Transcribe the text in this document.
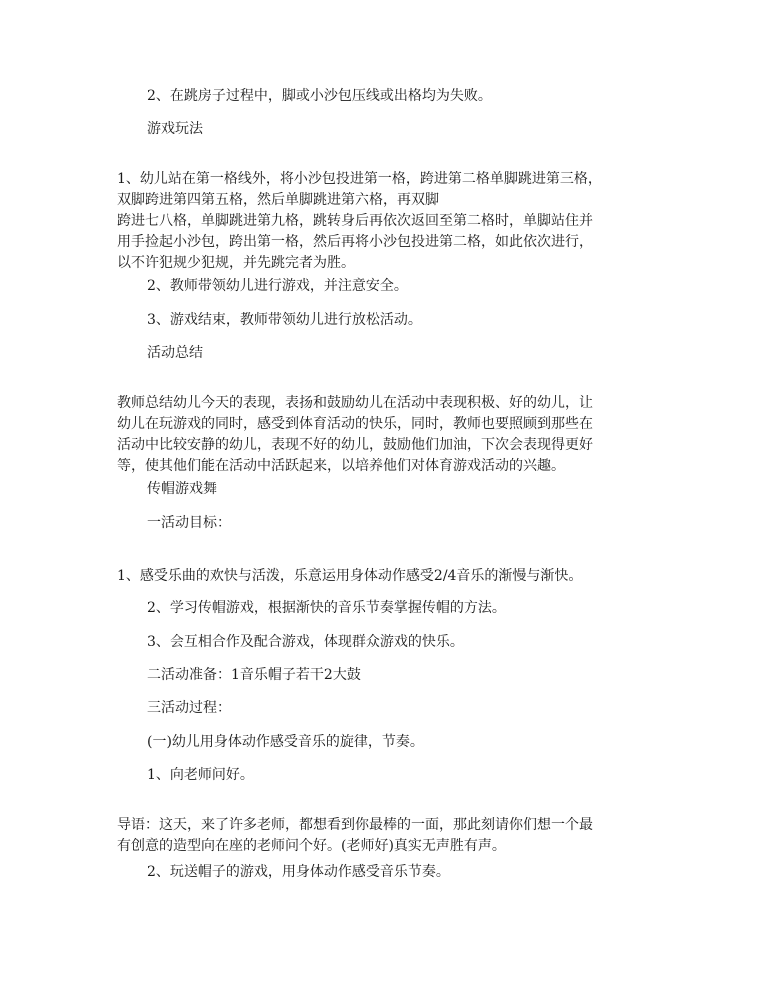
2、在跳房子过程中，脚或小沙包压线或出格均为失败。

游戏玩法

1、幼儿站在第一格线外，将小沙包投进第一格，跨进第二格单脚跳进第三格，
双脚跨进第四第五格，然后单脚跳进第六格，再双脚
跨进七八格，单脚跳进第九格，跳转身后再依次返回至第二格时，单脚站住并
用手捡起小沙包，跨出第一格，然后再将小沙包投进第二格，如此依次进行，
以不许犯规少犯规，并先跳完者为胜。

2、教师带领幼儿进行游戏，并注意安全。

3、游戏结束，教师带领幼儿进行放松活动。

活动总结

教师总结幼儿今天的表现，表扬和鼓励幼儿在活动中表现积极、好的幼儿，让
幼儿在玩游戏的同时，感受到体育活动的快乐，同时，教师也要照顾到那些在
活动中比较安静的幼儿，表现不好的幼儿，鼓励他们加油，下次会表现得更好
等，使其他们能在活动中活跃起来，以培养他们对体育游戏活动的兴趣。

传帽游戏舞

一活动目标：

1、感受乐曲的欢快与活泼，乐意运用身体动作感受2/4音乐的渐慢与渐快。

2、学习传帽游戏，根据渐快的音乐节奏掌握传帽的方法。

3、会互相合作及配合游戏，体现群众游戏的快乐。

二活动准备：1音乐帽子若干2大鼓

三活动过程：

(一)幼儿用身体动作感受音乐的旋律，节奏。

1、向老师问好。

导语：这天，来了许多老师，都想看到你最棒的一面，那此刻请你们想一个最
有创意的造型向在座的老师问个好。(老师好)真实无声胜有声。

2、玩送帽子的游戏，用身体动作感受音乐节奏。
